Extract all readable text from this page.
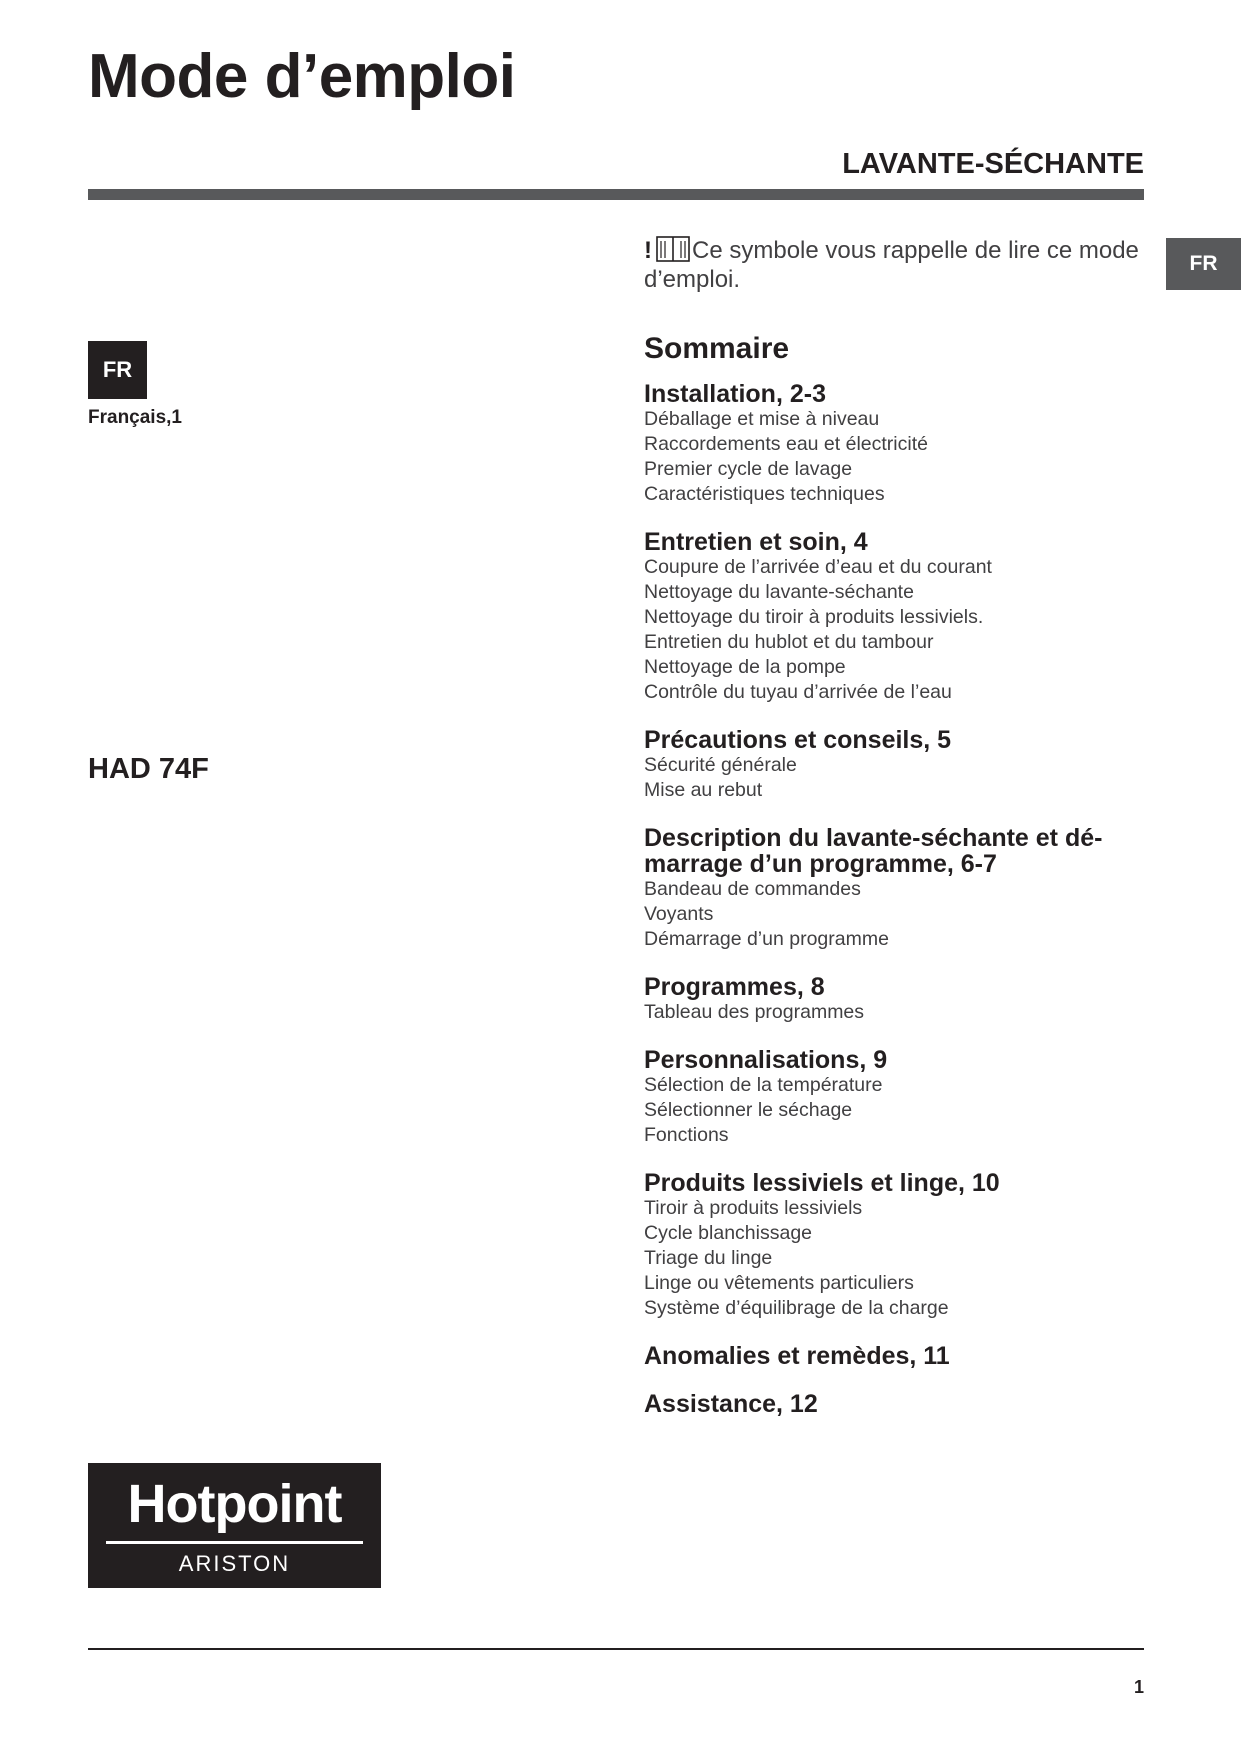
Mode d’emploi
LAVANTE-SÉCHANTE
FR
FR
Français,1
HAD 74F
! Ce symbole vous rappelle de lire ce mode d’emploi.
Sommaire
Installation, 2-3
Déballage et mise à niveau
Raccordements eau et électricité
Premier cycle de lavage
Caractéristiques techniques
Entretien et soin, 4
Coupure de l’arrivée d’eau et du courant
Nettoyage du lavante-séchante
Nettoyage du tiroir à produits lessiviels.
Entretien du hublot et du tambour
Nettoyage de la pompe
Contrôle du tuyau d’arrivée de l’eau
Précautions et conseils, 5
Sécurité générale
Mise au rebut
Description du lavante-séchante et dé-marrage d’un programme, 6-7
Bandeau de commandes
Voyants
Démarrage d’un programme
Programmes, 8
Tableau des programmes
Personnalisations, 9
Sélection de la température
Sélectionner le séchage
Fonctions
Produits lessiviels et linge, 10
Tiroir à produits lessiviels
Cycle blanchissage
Triage du linge
Linge ou vêtements particuliers
Système d’équilibrage de la charge
Anomalies et remèdes, 11
Assistance, 12
Hotpoint
ARISTON
1
